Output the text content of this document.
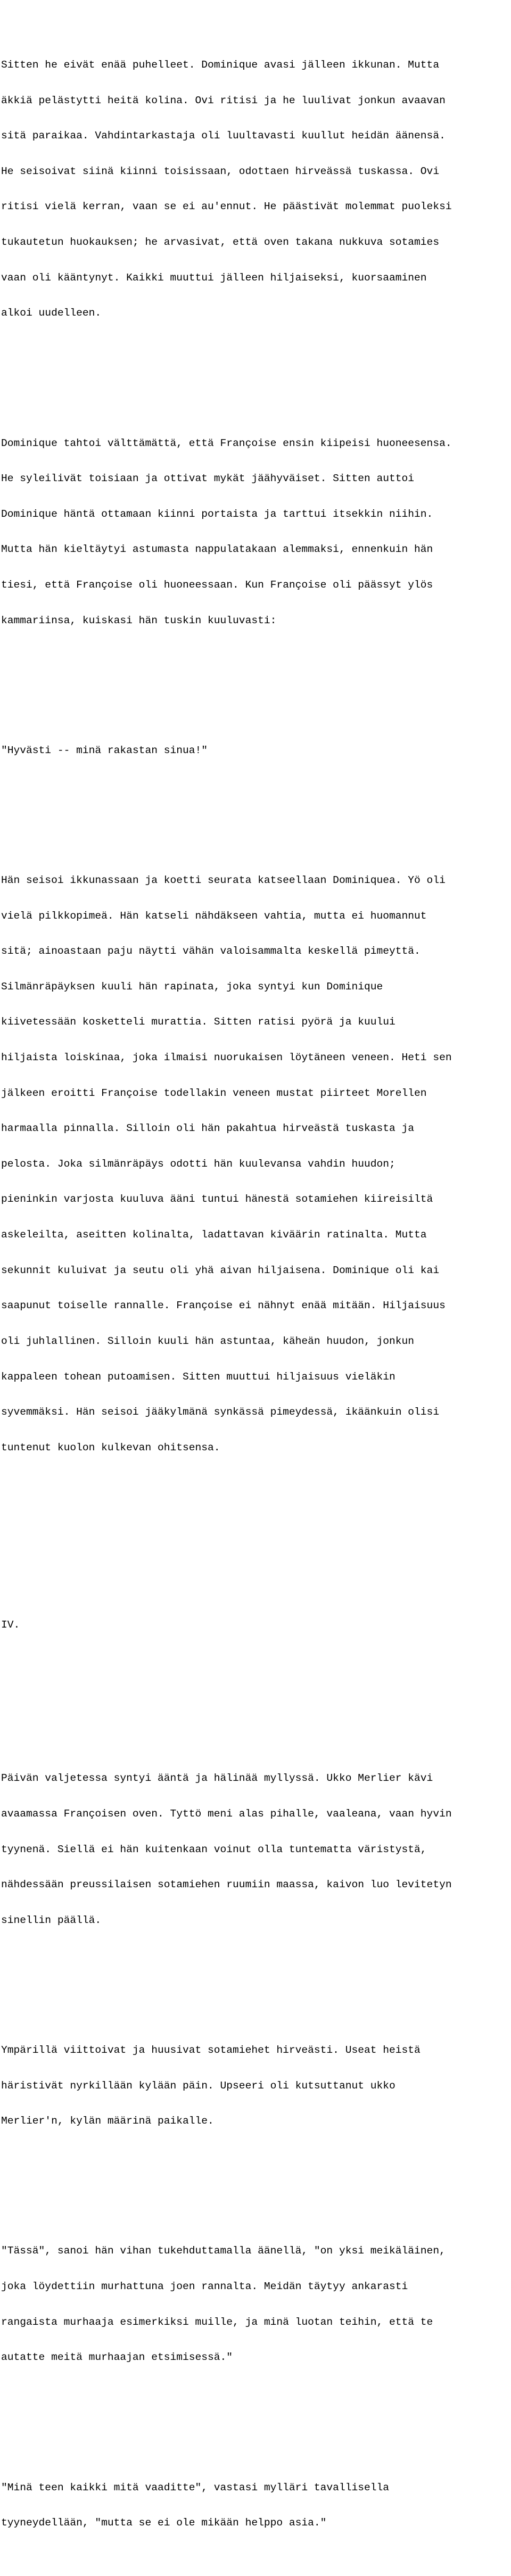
Sitten he eivät enää puhelleet. Dominique avasi jälleen ikkunan. Mutta

äkkiä pelästytti heitä kolina. Ovi ritisi ja he luulivat jonkun avaavan

sitä paraikaa. Vahdintarkastaja oli luultavasti kuullut heidän äänensä.

He seisoivat siinä kiinni toisissaan, odottaen hirveässä tuskassa. Ovi

ritisi vielä kerran, vaan se ei au'ennut. He päästivät molemmat puoleksi

tukautetun huokauksen; he arvasivat, että oven takana nukkuva sotamies

vaan oli kääntynyt. Kaikki muuttui jälleen hiljaiseksi, kuorsaaminen

alkoi uudelleen.

Dominique tahtoi välttämättä, että Françoise ensin kiipeisi huoneesensa.

He syleilivät toisiaan ja ottivat mykät jäähyväiset. Sitten auttoi

Dominique häntä ottamaan kiinni portaista ja tarttui itsekkin niihin.

Mutta hän kieltäytyi astumasta nappulatakaan alemmaksi, ennenkuin hän

tiesi, että Françoise oli huoneessaan. Kun Françoise oli päässyt ylös

kammariinsa, kuiskasi hän tuskin kuuluvasti:

"Hyvästi -- minä rakastan sinua!"

Hän seisoi ikkunassaan ja koetti seurata katseellaan Dominiquea. Yö oli

vielä pilkkopimeä. Hän katseli nähdäkseen vahtia, mutta ei huomannut

sitä; ainoastaan paju näytti vähän valoisammalta keskellä pimeyttä.

Silmänräpäyksen kuuli hän rapinata, joka syntyi kun Dominique

kiivetessään kosketteli murattia. Sitten ratisi pyörä ja kuului

hiljaista loiskinaa, joka ilmaisi nuorukaisen löytäneen veneen. Heti sen

jälkeen eroitti Françoise todellakin veneen mustat piirteet Morellen

harmaalla pinnalla. Silloin oli hän pakahtua hirveästä tuskasta ja

pelosta. Joka silmänräpäys odotti hän kuulevansa vahdin huudon;

pieninkin varjosta kuuluva ääni tuntui hänestä sotamiehen kiireisiltä

askeleilta, aseitten kolinalta, ladattavan kiväärin ratinalta. Mutta

sekunnit kuluivat ja seutu oli yhä aivan hiljaisena. Dominique oli kai

saapunut toiselle rannalle. Françoise ei nähnyt enää mitään. Hiljaisuus

oli juhlallinen. Silloin kuuli hän astuntaa, käheän huudon, jonkun

kappaleen tohean putoamisen. Sitten muuttui hiljaisuus vieläkin

syvemmäksi. Hän seisoi jääkylmänä synkässä pimeydessä, ikäänkuin olisi

tuntenut kuolon kulkevan ohitsensa.

IV.

Päivän valjetessa syntyi ääntä ja hälinää myllyssä. Ukko Merlier kävi

avaamassa Françoisen oven. Tyttö meni alas pihalle, vaaleana, vaan hyvin

tyynenä. Siellä ei hän kuitenkaan voinut olla tuntematta väristystä,

nähdessään preussilaisen sotamiehen ruumiin maassa, kaivon luo levitetyn

sinellin päällä.

Ympärillä viittoivat ja huusivat sotamiehet hirveästi. Useat heistä

häristivät nyrkillään kylään päin. Upseeri oli kutsuttanut ukko

Merlier'n, kylän määrinä paikalle.

"Tässä", sanoi hän vihan tukehduttamalla äänellä, "on yksi meikäläinen,

joka löydettiin murhattuna joen rannalta. Meidän täytyy ankarasti

rangaista murhaaja esimerkiksi muille, ja minä luotan teihin, että te

autatte meitä murhaajan etsimisessä."

"Minä teen kaikki mitä vaaditte", vastasi mylläri tavallisella

tyyneydellään, "mutta se ei ole mikään helppo asia."
